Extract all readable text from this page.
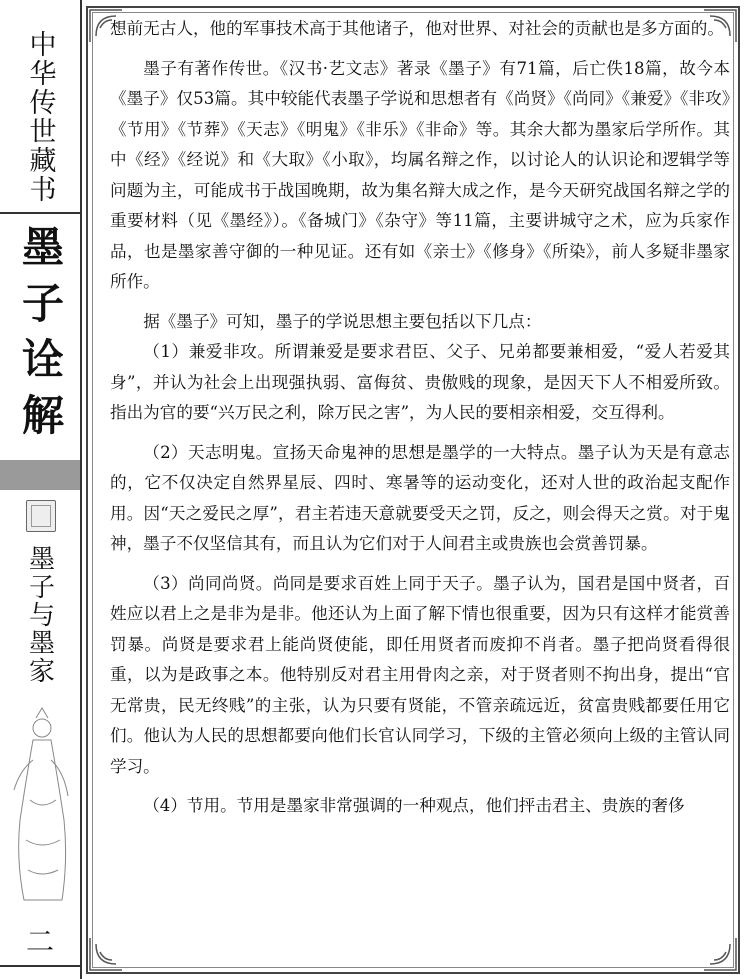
中华传世藏书
墨子诠解
墨子与墨家
二

想前无古人，他的军事技术高于其他诸子，他对世界、对社会的贡献也是多方面的。

墨子有著作传世。《汉书·艺文志》著录《墨子》有71篇，后亡佚18篇，故今本《墨子》仅53篇。其中较能代表墨子学说和思想者有《尚贤》《尚同》《兼爱》《非攻》《节用》《节葬》《天志》《明鬼》《非乐》《非命》等。其余大都为墨家后学所作。其中《经》《经说》和《大取》《小取》，均属名辩之作，以讨论人的认识论和逻辑学等问题为主，可能成书于战国晚期，故为集名辩大成之作，是今天研究战国名辩之学的重要材料（见《墨经》）。《备城门》《杂守》等11篇，主要讲城守之术，应为兵家作品，也是墨家善守御的一种见证。还有如《亲士》《修身》《所染》，前人多疑非墨家所作。

据《墨子》可知，墨子的学说思想主要包括以下几点：

（1）兼爱非攻。所谓兼爱是要求君臣、父子、兄弟都要兼相爱，“爱人若爱其身”，并认为社会上出现强执弱、富侮贫、贵傲贱的现象，是因天下人不相爱所致。指出为官的要“兴万民之利，除万民之害”，为人民的要相亲相爱，交互得利。

（2）天志明鬼。宣扬天命鬼神的思想是墨学的一大特点。墨子认为天是有意志的，它不仅决定自然界星辰、四时、寒暑等的运动变化，还对人世的政治起支配作用。因“天之爱民之厚”，君主若违天意就要受天之罚，反之，则会得天之赏。对于鬼神，墨子不仅坚信其有，而且认为它们对于人间君主或贵族也会赏善罚暴。

（3）尚同尚贤。尚同是要求百姓上同于天子。墨子认为，国君是国中贤者，百姓应以君上之是非为是非。他还认为上面了解下情也很重要，因为只有这样才能赏善罚暴。尚贤是要求君上能尚贤使能，即任用贤者而废抑不肖者。墨子把尚贤看得很重，以为是政事之本。他特别反对君主用骨肉之亲，对于贤者则不拘出身，提出“官无常贵，民无终贱”的主张，认为只要有贤能，不管亲疏远近，贫富贵贱都要任用它们。他认为人民的思想都要向他们长官认同学习，下级的主管必须向上级的主管认同学习。

（4）节用。节用是墨家非常强调的一种观点，他们抨击君主、贵族的奢侈
